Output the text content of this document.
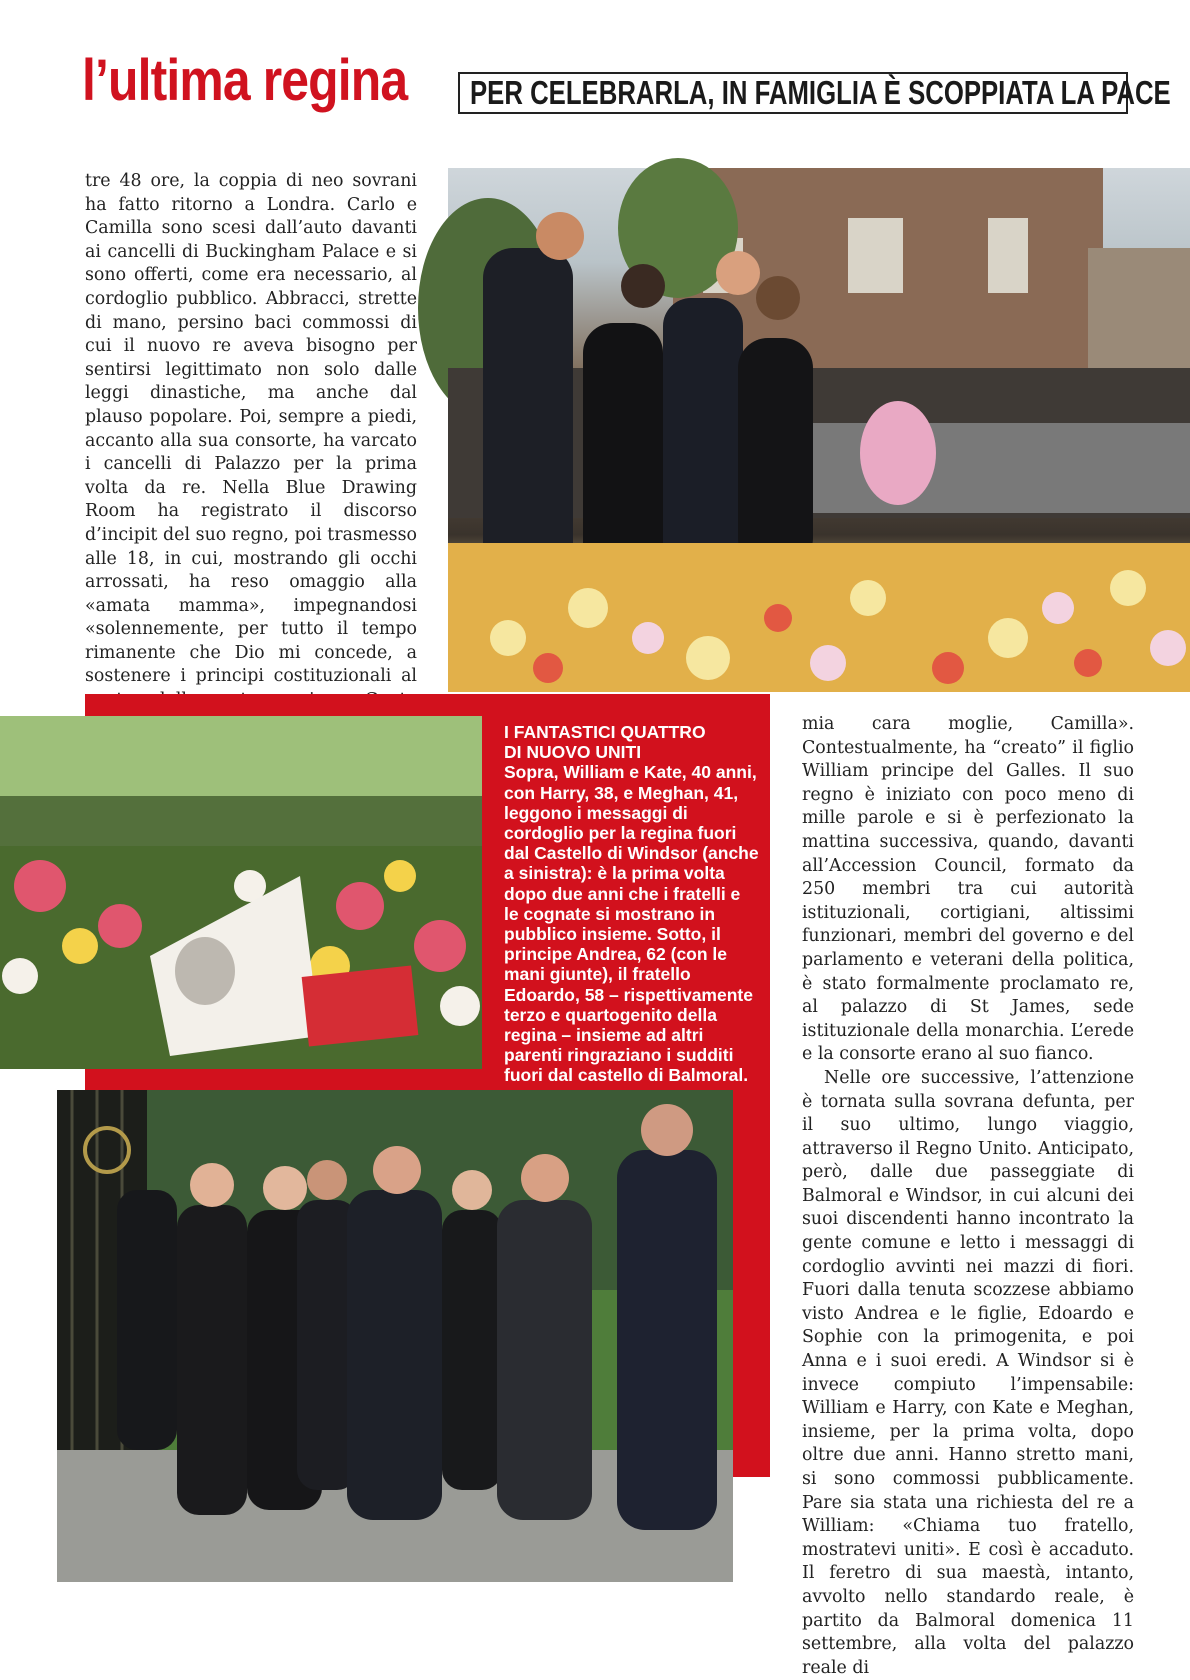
l’ultima regina PER CELEBRARLA, IN FAMIGLIA È SCOPPIATA LA PACE

tre 48 ore, la coppia di neo sovrani ha fatto ritorno a Londra. Carlo e Camilla sono scesi dall’auto davanti ai cancelli di Buckingham Palace e si sono offerti, come era necessario, al cordoglio pubblico. Abbracci, strette di mano, persino baci commossi di cui il nuovo re aveva bisogno per sentirsi legittimato non solo dalle leggi dinastiche, ma anche dal plauso popolare. Poi, sempre a piedi, accanto alla sua consorte, ha varcato i cancelli di Palazzo per la prima volta da re. Nella Blue Drawing Room ha registrato il discorso d’incipit del suo regno, poi trasmesso alle 18, in cui, mostrando gli occhi arrossati, ha reso omaggio alla «amata mamma», impegnandosi «solennemente, per tutto il tempo rimanente che Dio mi concede, a sostenere i principi costituzionali al

I FANTASTICI QUATTRO
DI NUOVO UNITI
Sopra, William e Kate, 40 anni, con Harry, 38, e Meghan, 41, leggono i messaggi di cordoglio per la regina fuori dal Castello di Windsor (anche a sinistra): è la prima volta dopo due anni che i fratelli e le cognate si mostrano in pubblico insieme. Sotto, il principe Andrea, 62 (con le mani giunte), il fratello Edoardo, 58 – rispettivamente terzo e quartogenito della regina – insieme ad altri parenti ringraziano i sudditi fuori dal castello di Balmoral.

mia cara moglie, Camilla». Contestualmente, ha “creato” il figlio William principe del Galles. Il suo regno è iniziato con poco meno di mille parole e si è perfezionato la mattina successiva, quando, davanti all’Accession Council, formato da 250 membri tra cui autorità istituzionali, cortigiani, altissimi funzionari, membri del governo e del parlamento e veterani della politica, è stato formalmente proclamato re, al palazzo di St James, sede istituzionale della monarchia. L’erede e la consorte erano al suo fianco.

Nelle ore successive, l’attenzione è tornata sulla sovrana defunta, per il suo ultimo, lungo viaggio, attraverso il Regno Unito. Anticipato, però, dalle due passeggiate di Balmoral e Windsor, in cui alcuni dei suoi discendenti hanno incontrato la gente comune e letto i messaggi di cordoglio avvinti nei mazzi di fiori. Fuori dalla tenuta scozzese abbiamo visto Andrea e le figlie, Edoardo e Sophie con la primogenita, e poi Anna e i suoi eredi. A Windsor si è invece compiuto l’impensabile: William e Harry, con Kate e Meghan, insieme, per la prima volta, dopo oltre due anni. Hanno stretto mani, si sono commossi pubblicamente. Pare sia stata una richiesta del re a William: «Chiama tuo fratello, mostratevi uniti». E così è accaduto. Il feretro di sua maestà, intanto, avvolto nello standardo reale, è partito da Balmoral domenica 11 settembre, alla volta del palazzo reale di
